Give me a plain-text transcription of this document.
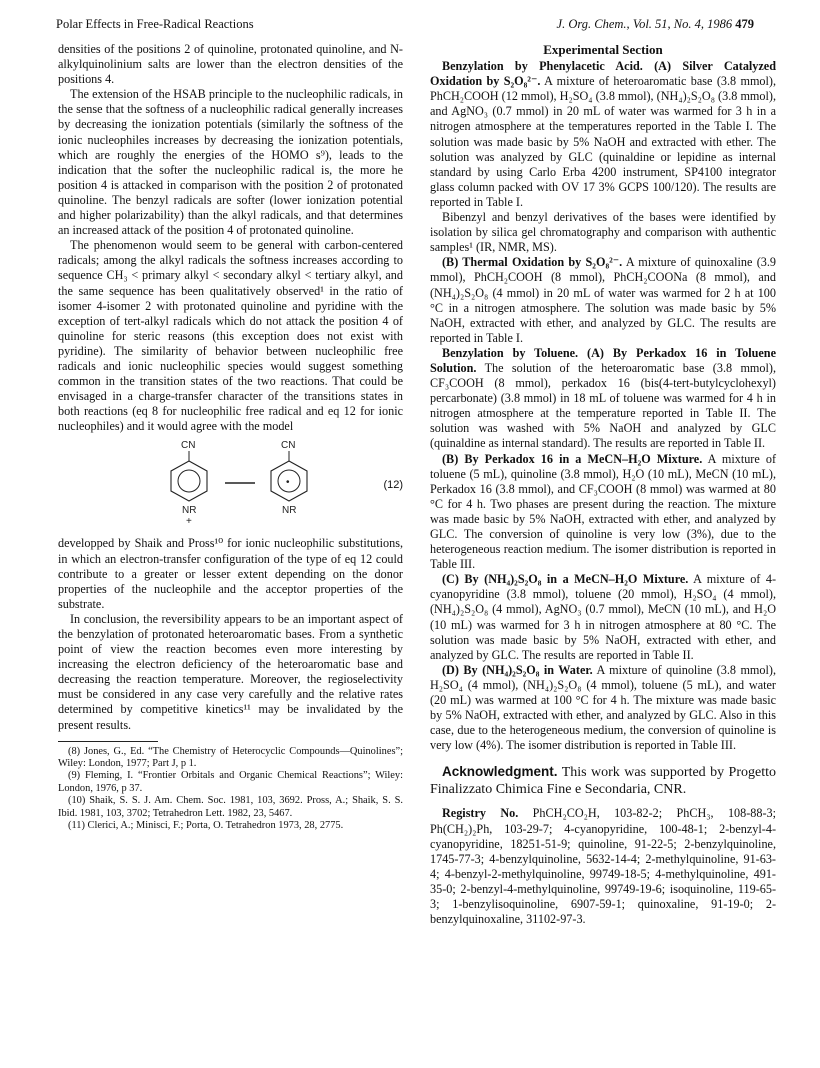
Polar Effects in Free-Radical Reactions	J. Org. Chem., Vol. 51, No. 4, 1986 479

densities of the positions 2 of quinoline, protonated quinoline, and N-alkylquinolinium salts are lower than the electron densities of the positions 4.

The extension of the HSAB principle to the nucleophilic radicals, in the sense that the softness of a nucleophilic radical generally increases by decreasing the ionization potentials (similarly the softness of the ionic nucleophiles increases by decreasing the ionization potentials, which are roughly the energies of the HOMO s⁹), leads to the indication that the softer the nucleophilic radical is, the more he position 4 is attacked in comparison with the position 2 of protonated quinoline. The benzyl radicals are softer (lower ionization potential and higher polarizability) than the alkyl radicals, and that determines an increased attack of the position 4 of protonated quinoline.

The phenomenon would seem to be general with carbon-centered radicals; among the alkyl radicals the softness increases according to sequence CH₃ < primary alkyl < secondary alkyl < tertiary alkyl, and the same sequence has been qualitatively observed¹ in the ratio of isomer 4-isomer 2 with protonated quinoline and pyridine with the exception of tert-alkyl radicals which do not attack the position 4 of quinoline for steric reasons (this exception does not exist with pyridine). The similarity of behavior between nucleophilic free radicals and ionic nucleophilic species would suggest something common in the transition states of the two reactions. That could be envisaged in a charge-transfer character of the transitions states in both reactions (eq 8 for nucleophilic free radical and eq 12 for ionic nucleophiles) and it would agree with the model

CN
NR
+
CN
•
NR
(12)

developped by Shaik and Pross¹⁰ for ionic nucleophilic substitutions, in which an electron-transfer configuration of the type of eq 12 could contribute to a greater or lesser extent depending on the donor properties of the nucleophile and the acceptor properties of the substrate.

In conclusion, the reversibility appears to be an important aspect of the benzylation of protonated heteroaromatic bases. From a synthetic point of view the reaction becomes even more interesting by increasing the electron deficiency of the heteroaromatic base and decreasing the reaction temperature. Moreover, the regioselectivity must be considered in any case very carefully and the relative rates determined by competitive kinetics¹¹ may be invalidated by the present results.

(8) Jones, G., Ed. “The Chemistry of Heterocyclic Compounds—Quinolines”; Wiley: London, 1977; Part J, p 1.

(9) Fleming, I. “Frontier Orbitals and Organic Chemical Reactions”; Wiley: London, 1976, p 37.

(10) Shaik, S. S. J. Am. Chem. Soc. 1981, 103, 3692. Pross, A.; Shaik, S. S. Ibid. 1981, 103, 3702; Tetrahedron Lett. 1982, 23, 5467.

(11) Clerici, A.; Minisci, F.; Porta, O. Tetrahedron 1973, 28, 2775.

Experimental Section

Benzylation by Phenylacetic Acid. (A) Silver Catalyzed Oxidation by S₂O₈²⁻. A mixture of heteroaromatic base (3.8 mmol), PhCH₂COOH (12 mmol), H₂SO₄ (3.8 mmol), (NH₄)₂S₂O₈ (3.8 mmol), and AgNO₃ (0.7 mmol) in 20 mL of water was warmed for 3 h in a nitrogen atmosphere at the temperatures reported in the Table I. The solution was made basic by 5% NaOH and extracted with ether. The solution was analyzed by GLC (quinaldine or lepidine as internal standard by using Carlo Erba 4200 instrument, SP4100 integrator glass column packed with OV 17 3% GCPS 100/120). The results are reported in Table I.

Bibenzyl and benzyl derivatives of the bases were identified by isolation by silica gel chromatography and comparison with authentic samples¹ (IR, NMR, MS).

(B) Thermal Oxidation by S₂O₈²⁻. A mixture of quinoxaline (3.9 mmol), PhCH₂COOH (8 mmol), PhCH₂COONa (8 mmol), and (NH₄)₂S₂O₈ (4 mmol) in 20 mL of water was warmed for 2 h at 100 °C in a nitrogen atmosphere. The solution was made basic by 5% NaOH, extracted with ether, and analyzed by GLC. The results are reported in Table I.

Benzylation by Toluene. (A) By Perkadox 16 in Toluene Solution. The solution of the heteroaromatic base (3.8 mmol), CF₃COOH (8 mmol), perkadox 16 (bis(4-tert-butylcyclohexyl) percarbonate) (3.8 mmol) in 18 mL of toluene was warmed for 4 h in nitrogen atmosphere at the temperature reported in Table II. The solution was washed with 5% NaOH and analyzed by GLC (quinaldine as internal standard). The results are reported in Table II.

(B) By Perkadox 16 in a MeCN–H₂O Mixture. A mixture of toluene (5 mL), quinoline (3.8 mmol), H₂O (10 mL), MeCN (10 mL), Perkadox 16 (3.8 mmol), and CF₃COOH (8 mmol) was warmed at 80 °C for 4 h. Two phases are present during the reaction. The mixture was made basic by 5% NaOH, extracted with ether, and analyzed by GLC. The conversion of quinoline is very low (3%), due to the heterogeneous reaction medium. The isomer distribution is reported in Table III.

(C) By (NH₄)₂S₂O₈ in a MeCN–H₂O Mixture. A mixture of 4-cyanopyridine (3.8 mmol), toluene (20 mmol), H₂SO₄ (4 mmol), (NH₄)₂S₂O₈ (4 mmol), AgNO₃ (0.7 mmol), MeCN (10 mL), and H₂O (10 mL) was warmed for 3 h in nitrogen atmosphere at 80 °C. The solution was made basic by 5% NaOH, extracted with ether, and analyzed by GLC. The results are reported in Table II.

(D) By (NH₄)₂S₂O₈ in Water. A mixture of quinoline (3.8 mmol), H₂SO₄ (4 mmol), (NH₄)₂S₂O₈ (4 mmol), toluene (5 mL), and water (20 mL) was warmed at 100 °C for 4 h. The mixture was made basic by 5% NaOH, extracted with ether, and analyzed by GLC. Also in this case, due to the heterogeneous medium, the conversion of quinoline is very low (4%). The isomer distribution is reported in Table III.

Acknowledgment. This work was supported by Progetto Finalizzato Chimica Fine e Secondaria, CNR.

Registry No. PhCH₂CO₂H, 103-82-2; PhCH₃, 108-88-3; Ph(CH₂)₂Ph, 103-29-7; 4-cyanopyridine, 100-48-1; 2-benzyl-4-cyanopyridine, 18251-51-9; quinoline, 91-22-5; 2-benzylquinoline, 1745-77-3; 4-benzylquinoline, 5632-14-4; 2-methylquinoline, 91-63-4; 4-benzyl-2-methylquinoline, 99749-18-5; 4-methylquinoline, 491-35-0; 2-benzyl-4-methylquinoline, 99749-19-6; isoquinoline, 119-65-3; 1-benzylisoquinoline, 6907-59-1; quinoxaline, 91-19-0; 2-benzylquinoxaline, 31102-97-3.
